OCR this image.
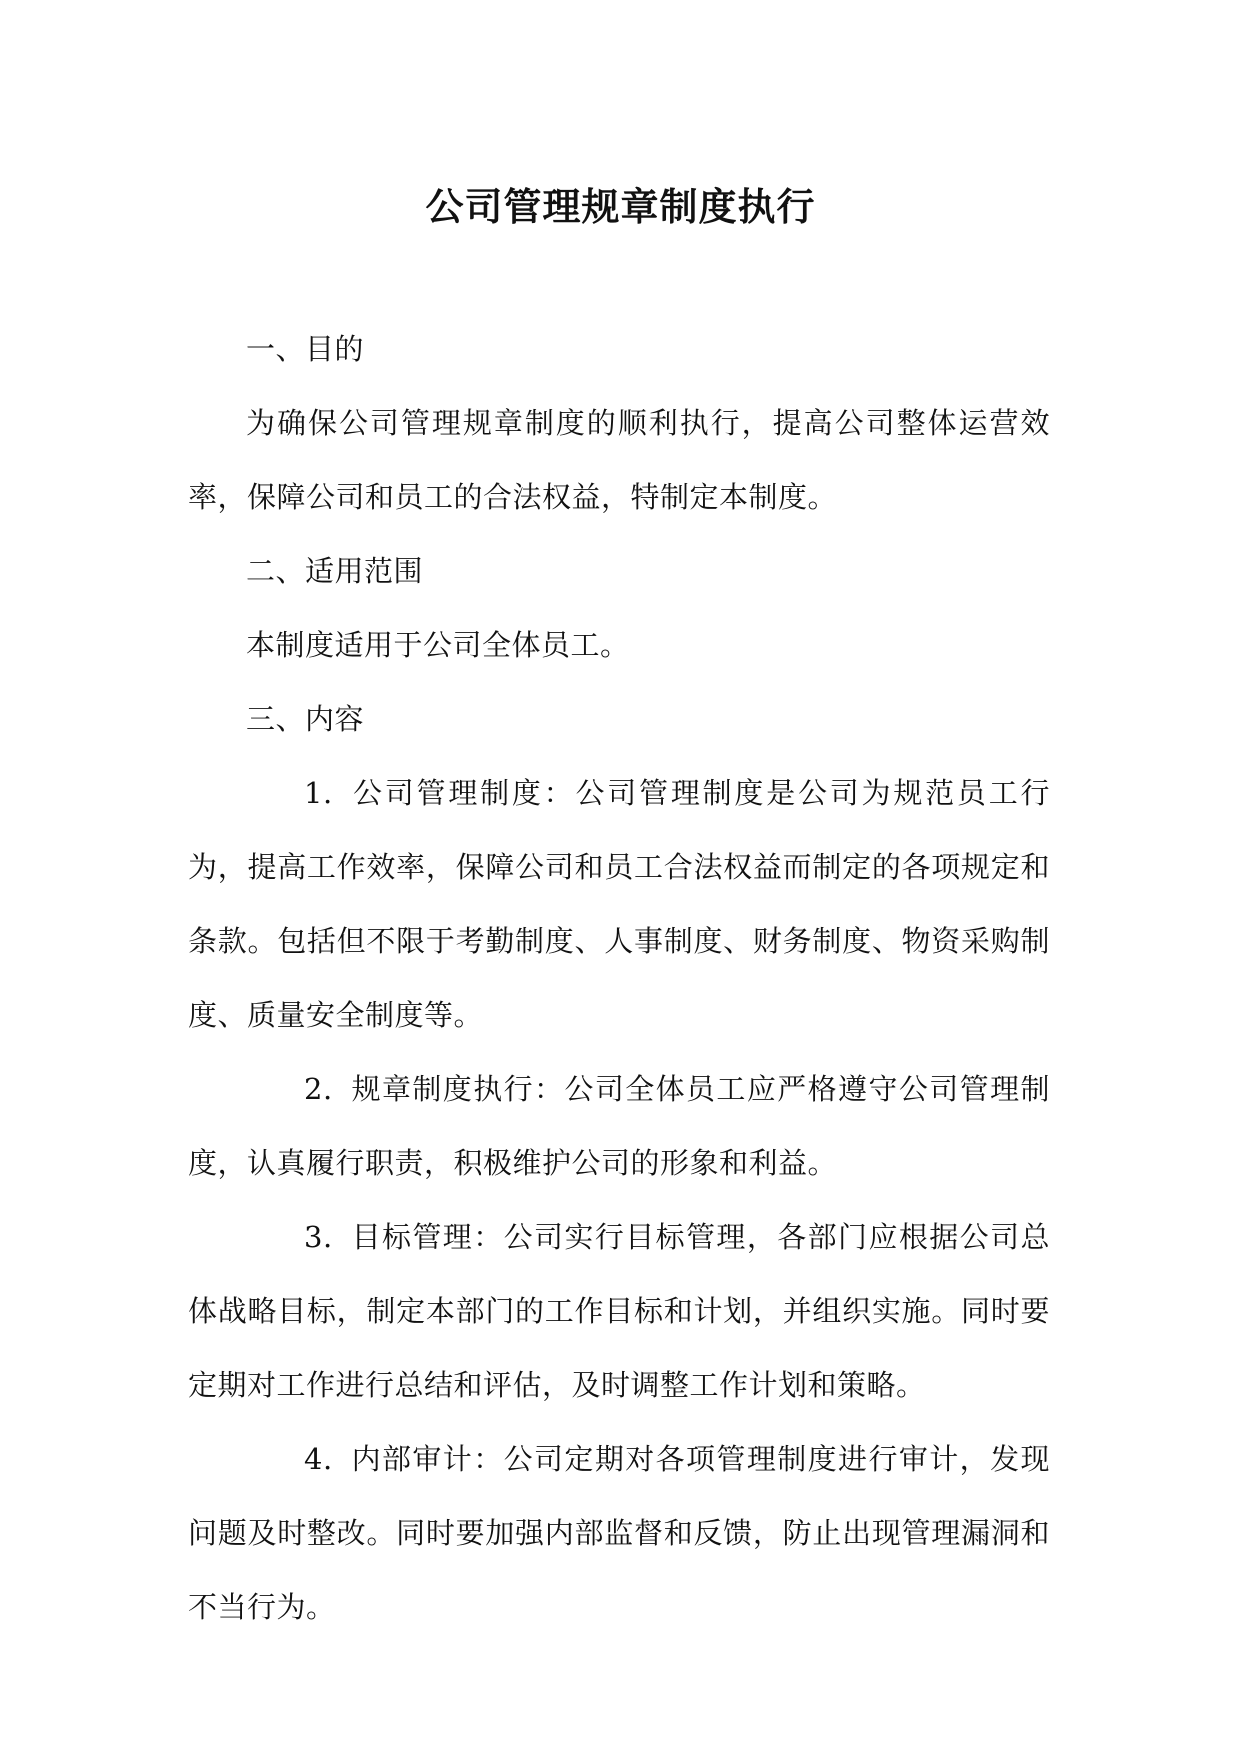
公司管理规章制度执行

一、目的

为确保公司管理规章制度的顺利执行，提高公司整体运营效率，保障公司和员工的合法权益，特制定本制度。

二、适用范围

本制度适用于公司全体员工。

三、内容

1. 公司管理制度：公司管理制度是公司为规范员工行为，提高工作效率，保障公司和员工合法权益而制定的各项规定和条款。包括但不限于考勤制度、人事制度、财务制度、物资采购制度、质量安全制度等。

2. 规章制度执行：公司全体员工应严格遵守公司管理制度，认真履行职责，积极维护公司的形象和利益。

3. 目标管理：公司实行目标管理，各部门应根据公司总体战略目标，制定本部门的工作目标和计划，并组织实施。同时要定期对工作进行总结和评估，及时调整工作计划和策略。

4. 内部审计：公司定期对各项管理制度进行审计，发现问题及时整改。同时要加强内部监督和反馈，防止出现管理漏洞和不当行为。
